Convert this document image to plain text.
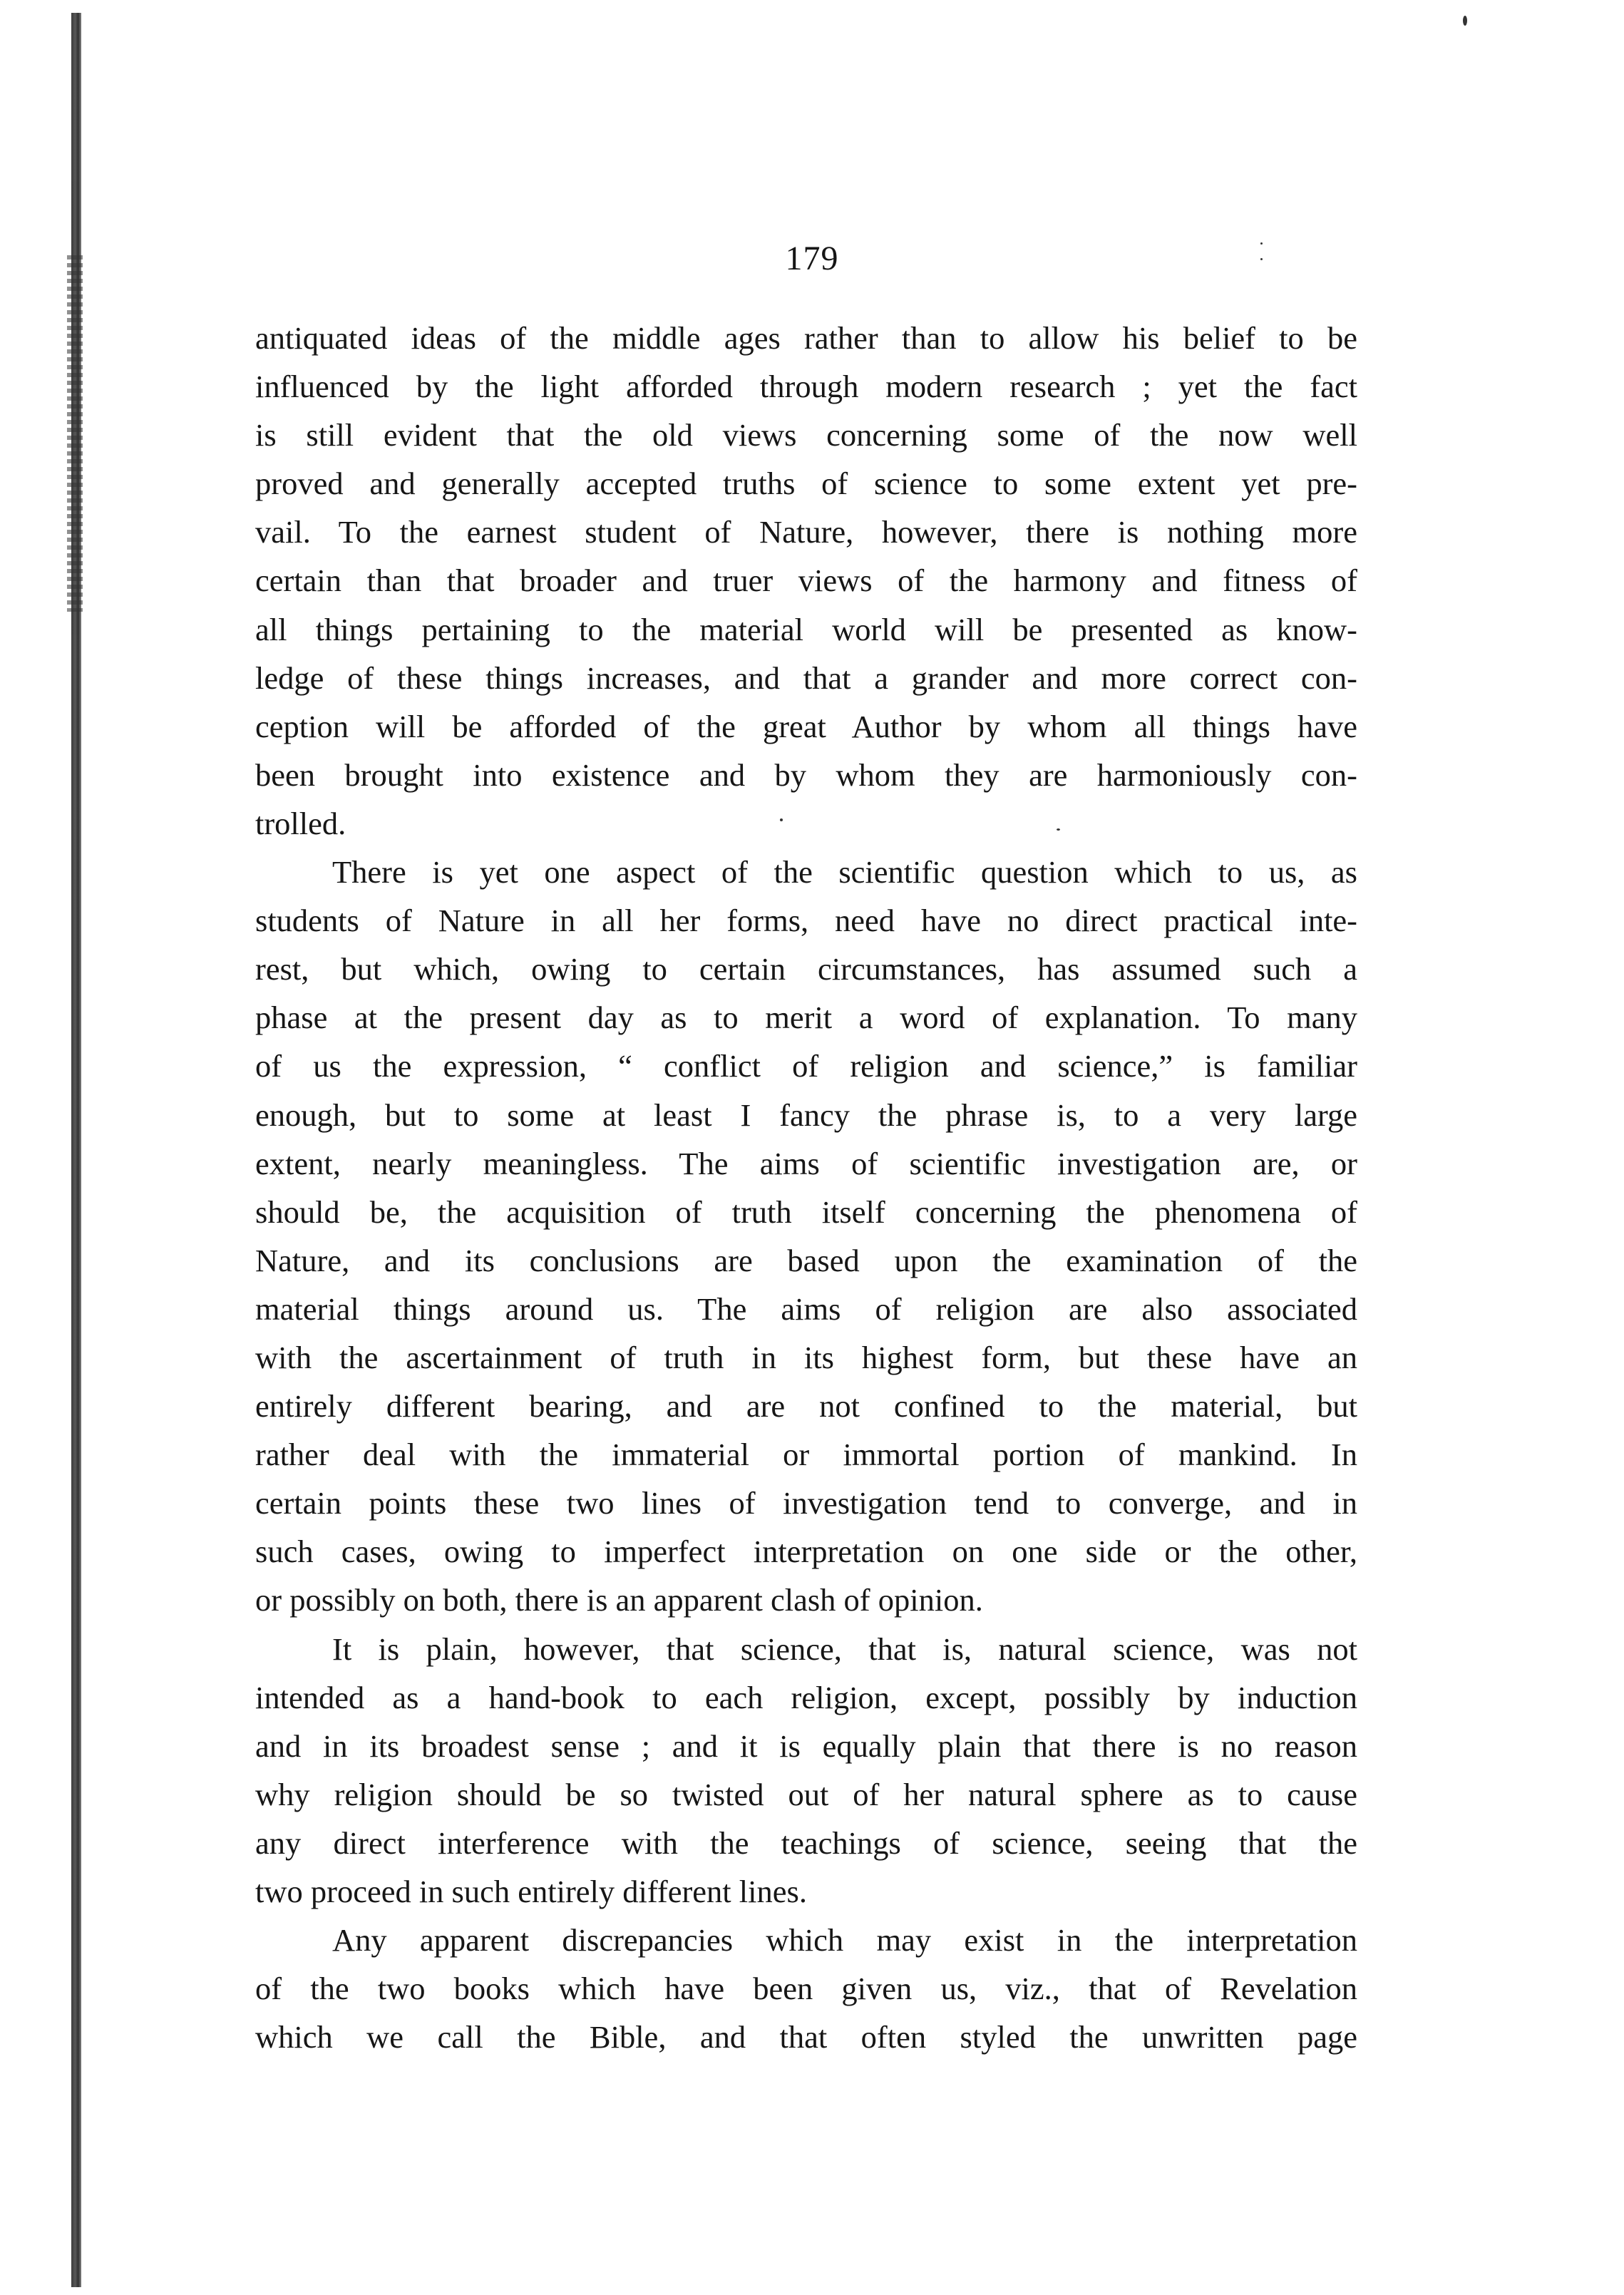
179
antiquated ideas of the middle ages rather than to allow his belief to be
influenced by the light afforded through modern research ; yet the fact
is still evident that the old views concerning some of the now well
proved and generally accepted truths of science to some extent yet pre-
vail. To the earnest student of Nature, however, there is nothing more
certain than that broader and truer views of the harmony and fitness of
all things pertaining to the material world will be presented as know-
ledge of these things increases, and that a grander and more correct con-
ception will be afforded of the great Author by whom all things have
been brought into existence and by whom they are harmoniously con-
trolled.
There is yet one aspect of the scientific question which to us, as
students of Nature in all her forms, need have no direct practical inte-
rest, but which, owing to certain circumstances, has assumed such a
phase at the present day as to merit a word of explanation. To many
of us the expression, “ conflict of religion and science,” is familiar
enough, but to some at least I fancy the phrase is, to a very large
extent, nearly meaningless. The aims of scientific investigation are, or
should be, the acquisition of truth itself concerning the phenomena of
Nature, and its conclusions are based upon the examination of the
material things around us. The aims of religion are also associated
with the ascertainment of truth in its highest form, but these have an
entirely different bearing, and are not confined to the material, but
rather deal with the immaterial or immortal portion of mankind. In
certain points these two lines of investigation tend to converge, and in
such cases, owing to imperfect interpretation on one side or the other,
or possibly on both, there is an apparent clash of opinion.
It is plain, however, that science, that is, natural science, was not
intended as a hand-book to each religion, except, possibly by induction
and in its broadest sense ; and it is equally plain that there is no reason
why religion should be so twisted out of her natural sphere as to cause
any direct interference with the teachings of science, seeing that the
two proceed in such entirely different lines.
Any apparent discrepancies which may exist in the interpretation
of the two books which have been given us, viz., that of Revelation
which we call the Bible, and that often styled the unwritten page
